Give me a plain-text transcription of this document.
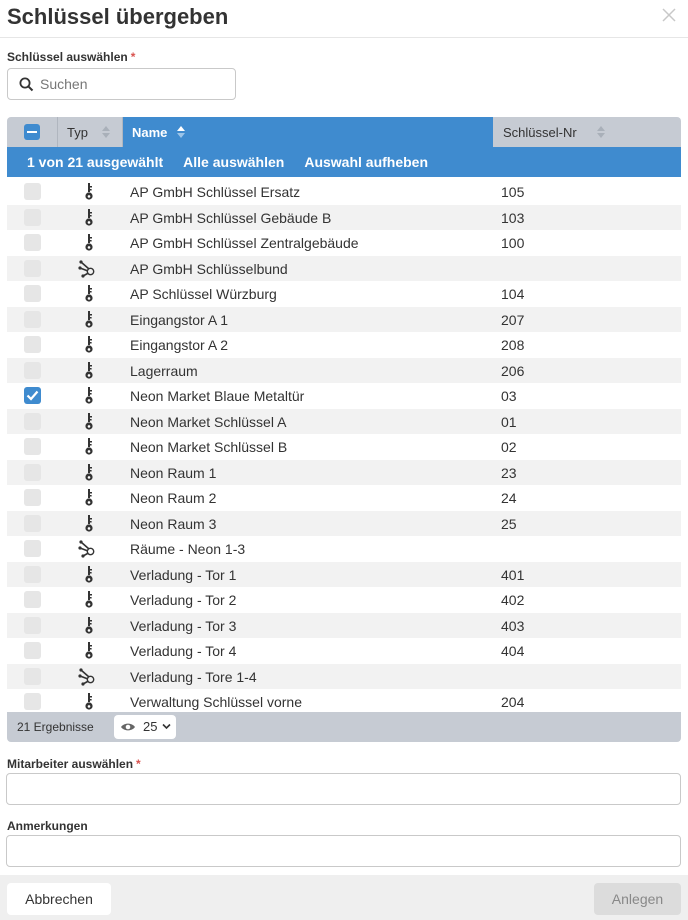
Schlüssel übergeben
Schlüssel auswählen *
Suchen
Typ	Name	Schlüssel-Nr
1 von 21 ausgewählt Alle auswählen Auswahl aufheben
AP GmbH Schlüssel Ersatz	105
AP GmbH Schlüssel Gebäude B	103
AP GmbH Schlüssel Zentralgebäude	100
AP GmbH Schlüsselbund
AP Schlüssel Würzburg	104
Eingangstor A 1	207
Eingangstor A 2	208
Lagerraum	206
Neon Market Blaue Metaltür	03
Neon Market Schlüssel A	01
Neon Market Schlüssel B	02
Neon Raum 1	23
Neon Raum 2	24
Neon Raum 3	25
Räume - Neon 1-3
Verladung - Tor 1	401
Verladung - Tor 2	402
Verladung - Tor 3	403
Verladung - Tor 4	404
Verladung - Tore 1-4
Verwaltung Schlüssel vorne	204
21 Ergebnisse	25
Mitarbeiter auswählen *
Anmerkungen
Abbrechen	Anlegen
